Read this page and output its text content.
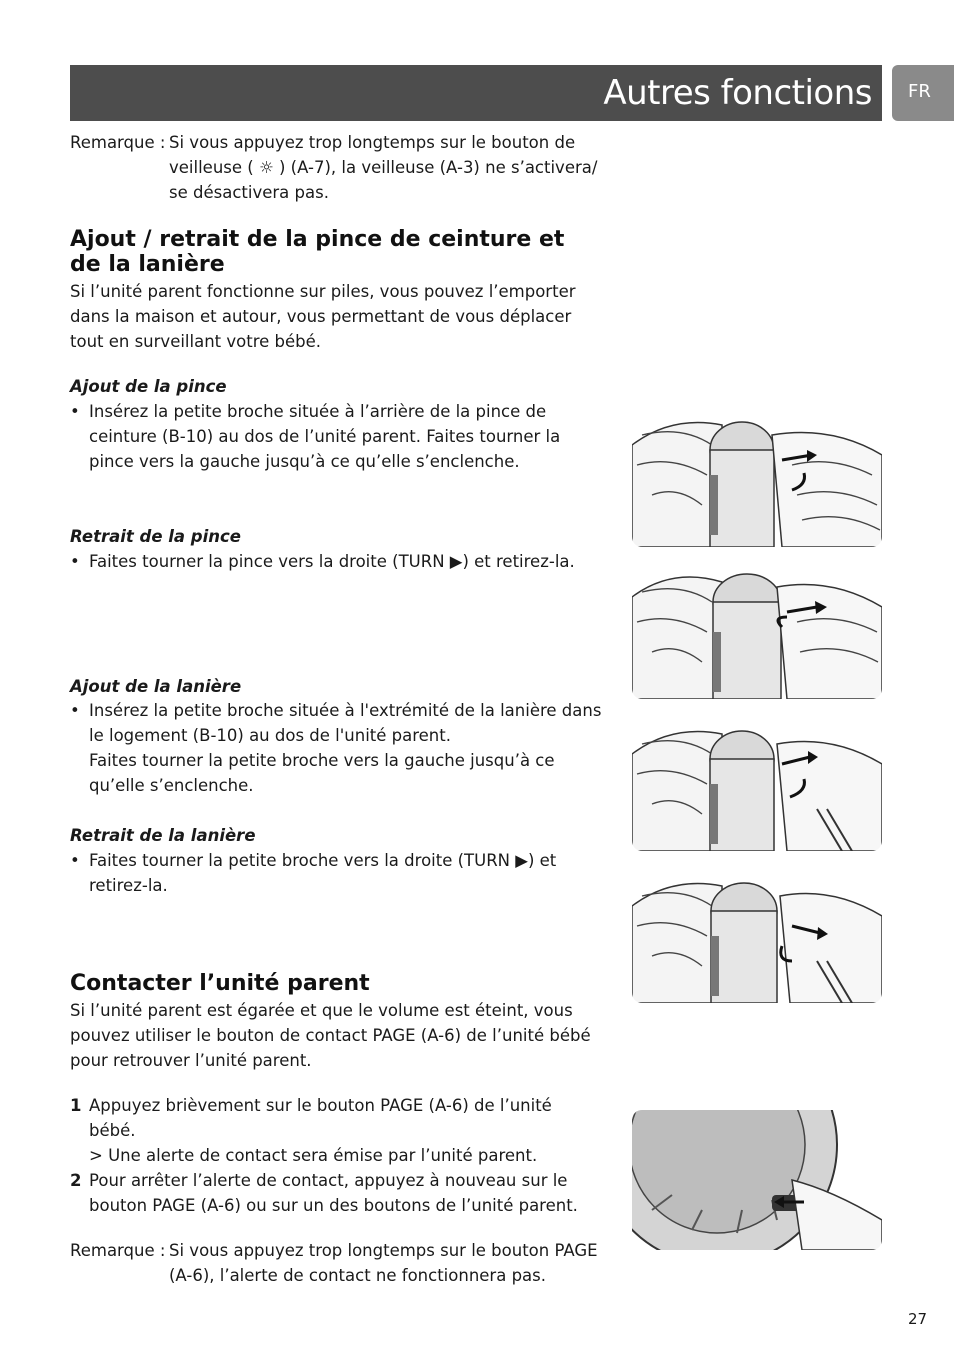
Autres fonctions FR
Remarque : Si vous appuyez trop longtemps sur le bouton de
veilleuse ( ☼ ) (A-7), la veilleuse (A-3) ne s’activera/
se désactivera pas.
Ajout / retrait de la pince de ceinture et
de la lanière
Si l’unité parent fonctionne sur piles, vous pouvez l’emporter
dans la maison et autour, vous permettant de vous déplacer
tout en surveillant votre bébé.
Ajout de la pince
• Insérez la petite broche située à l’arrière de la pince de
ceinture (B-10) au dos de l’unité parent. Faites tourner la
pince vers la gauche jusqu’à ce qu’elle s’enclenche.
Retrait de la pince
• Faites tourner la pince vers la droite (TURN ▶) et retirez-la.
Ajout de la lanière
• Insérez la petite broche située à l'extrémité de la lanière dans
le logement (B-10) au dos de l'unité parent.
Faites tourner la petite broche vers la gauche jusqu’à ce
qu’elle s’enclenche.
Retrait de la lanière
• Faites tourner la petite broche vers la droite (TURN ▶) et
retirez-la.
Contacter l’unité parent
Si l’unité parent est égarée et que le volume est éteint, vous
pouvez utiliser le bouton de contact PAGE (A-6) de l’unité bébé
pour retrouver l’unité parent.
1 Appuyez brièvement sur le bouton PAGE (A-6) de l’unité
bébé.
> Une alerte de contact sera émise par l’unité parent.
2 Pour arrêter l’alerte de contact, appuyez à nouveau sur le
bouton PAGE (A-6) ou sur un des boutons de l’unité parent.
Remarque : Si vous appuyez trop longtemps sur le bouton PAGE
(A-6), l’alerte de contact ne fonctionnera pas.
27
